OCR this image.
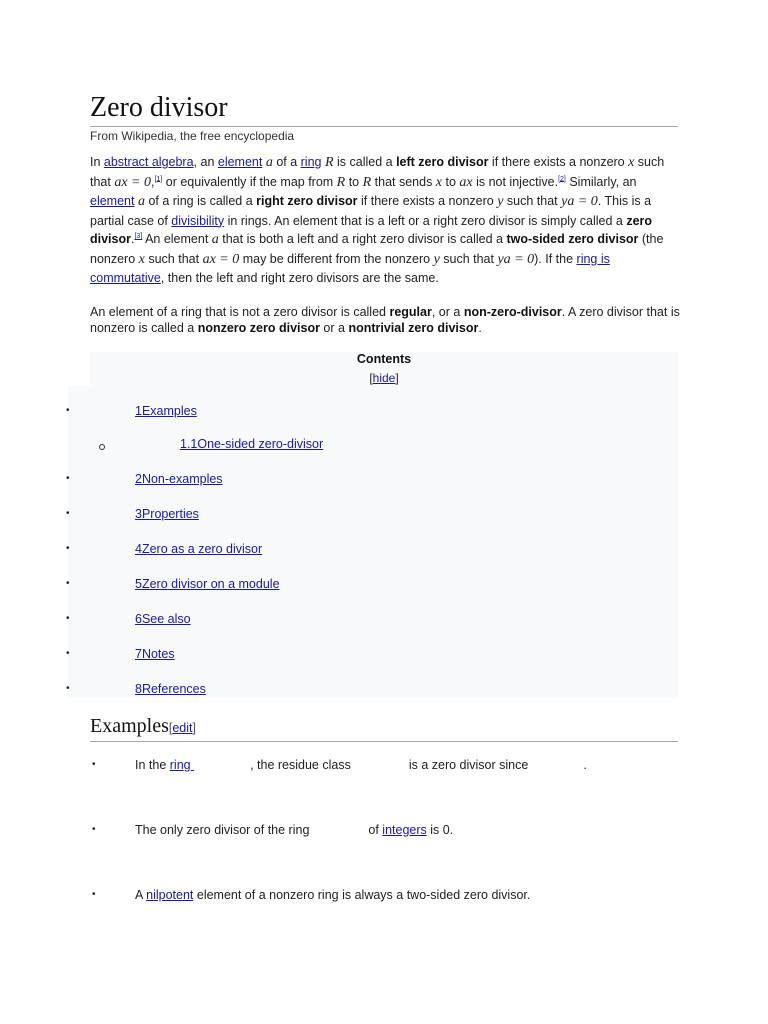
Zero divisor
From Wikipedia, the free encyclopedia
In abstract algebra, an element a of a ring R is called a left zero divisor if there exists a nonzero x such that ax = 0,[1] or equivalently if the map from R to R that sends x to ax is not injective.[2] Similarly, an element a of a ring is called a right zero divisor if there exists a nonzero y such that ya = 0. This is a partial case of divisibility in rings. An element that is a left or a right zero divisor is simply called a zero divisor.[3] An element a that is both a left and a right zero divisor is called a two-sided zero divisor (the nonzero x such that ax = 0 may be different from the nonzero y such that ya = 0). If the ring is commutative, then the left and right zero divisors are the same.
An element of a ring that is not a zero divisor is called regular, or a non-zero-divisor. A zero divisor that is nonzero is called a nonzero zero divisor or a nontrivial zero divisor.
Contents
[hide]
•	1Examples
1.1One-sided zero-divisor
•	2Non-examples
•	3Properties
•	4Zero as a zero divisor
•	5Zero divisor on a module
•	6See also
•	7Notes
•	8References
Examples[edit]
•	In the ring	, the residue class	is a zero divisor since	.
•	The only zero divisor of the ring	of integers is 0.
•	A nilpotent element of a nonzero ring is always a two-sided zero divisor.
